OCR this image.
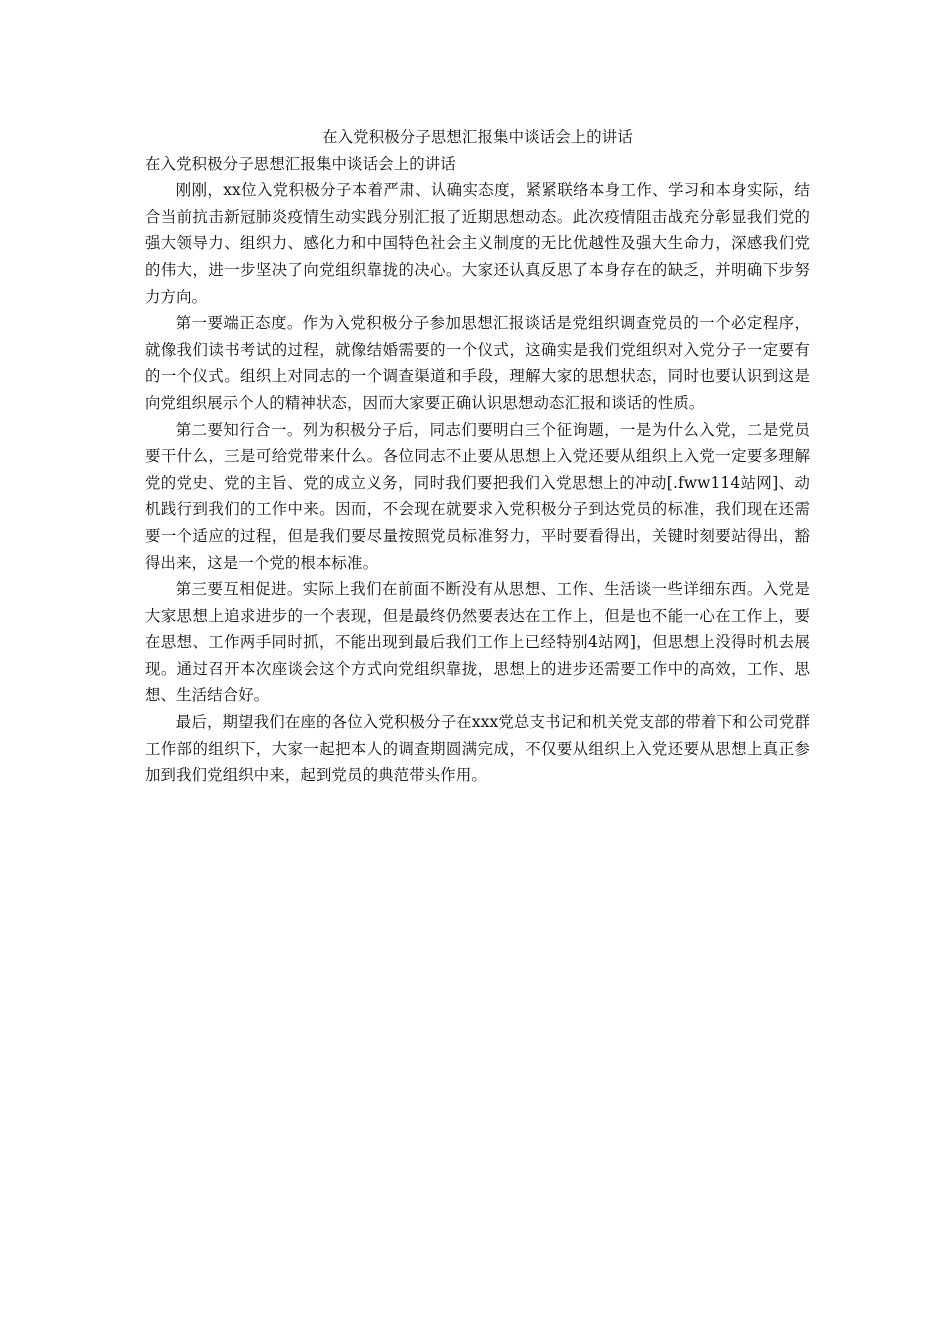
在入党积极分子思想汇报集中谈话会上的讲话

在入党积极分子思想汇报集中谈话会上的讲话

刚刚，xx位入党积极分子本着严肃、认确实态度，紧紧联络本身工作、学习和本身实际，结合当前抗击新冠肺炎疫情生动实践分别汇报了近期思想动态。此次疫情阻击战充分彰显我们党的强大领导力、组织力、感化力和中国特色社会主义制度的无比优越性及强大生命力，深感我们党的伟大，进一步坚决了向党组织靠拢的决心。大家还认真反思了本身存在的缺乏，并明确下步努力方向。

第一要端正态度。作为入党积极分子参加思想汇报谈话是党组织调查党员的一个必定程序，就像我们读书考试的过程，就像结婚需要的一个仪式，这确实是我们党组织对入党分子一定要有的一个仪式。组织上对同志的一个调查渠道和手段，理解大家的思想状态，同时也要认识到这是向党组织展示个人的精神状态，因而大家要正确认识思想动态汇报和谈话的性质。

第二要知行合一。列为积极分子后，同志们要明白三个征询题，一是为什么入党，二是党员要干什么，三是可给党带来什么。各位同志不止要从思想上入党还要从组织上入党一定要多理解党的党史、党的主旨、党的成立义务，同时我们要把我们入党思想上的冲动[.fww114站网]、动机践行到我们的工作中来。因而，不会现在就要求入党积极分子到达党员的标准，我们现在还需要一个适应的过程，但是我们要尽量按照党员标准努力，平时要看得出，关键时刻要站得出，豁得出来，这是一个党的根本标准。

第三要互相促进。实际上我们在前面不断没有从思想、工作、生活谈一些详细东西。入党是大家思想上追求进步的一个表现，但是最终仍然要表达在工作上，但是也不能一心在工作上，要在思想、工作两手同时抓，不能出现到最后我们工作上已经特别4站网]，但思想上没得时机去展现。通过召开本次座谈会这个方式向党组织靠拢，思想上的进步还需要工作中的高效，工作、思想、生活结合好。

最后，期望我们在座的各位入党积极分子在xxx党总支书记和机关党支部的带着下和公司党群工作部的组织下，大家一起把本人的调查期圆满完成，不仅要从组织上入党还要从思想上真正参加到我们党组织中来，起到党员的典范带头作用。
